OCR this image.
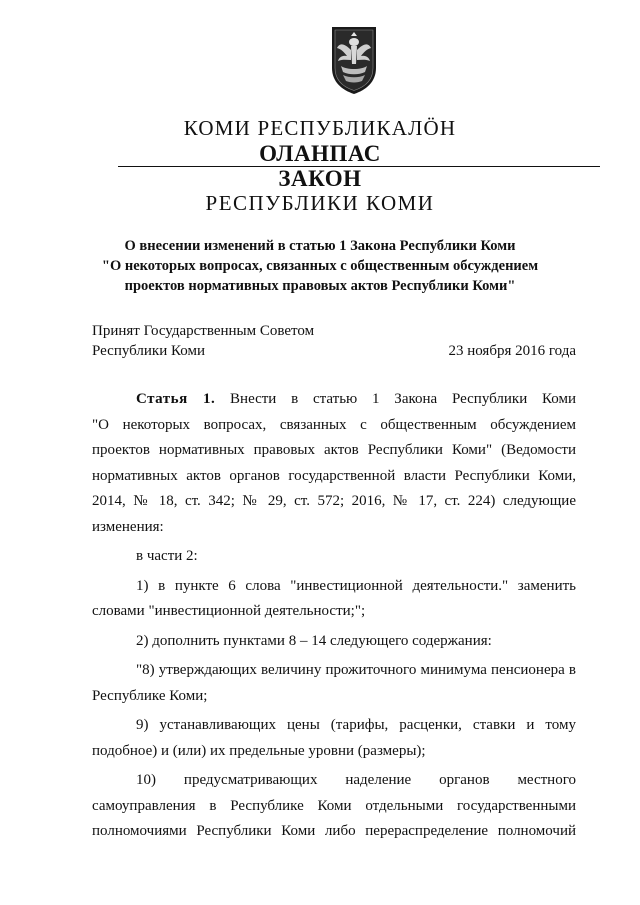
КОМИ РЕСПУБЛИКАЛÖН
ОЛАНПАС
ЗАКОН
РЕСПУБЛИКИ КОМИ
О внесении изменений в статью 1 Закона Республики Коми
"О некоторых вопросах, связанных с общественным обсуждением
проектов нормативных правовых актов Республики Коми"
Принят Государственным Советом
Республики Коми	23 ноября 2016 года
Статья 1. Внести в статью 1 Закона Республики Коми
"О некоторых вопросах, связанных с общественным обсуждением
проектов нормативных правовых актов Республики Коми" (Ведомости
нормативных актов органов государственной власти Республики Коми,
2014, № 18, ст. 342; № 29, ст. 572; 2016, № 17, ст. 224) следующие
изменения:
в части 2:
1) в пункте 6 слова "инвестиционной деятельности." заменить
словами "инвестиционной деятельности;";
2) дополнить пунктами 8 – 14 следующего содержания:
"8) утверждающих величину прожиточного минимума пенсионера в
Республике Коми;
9) устанавливающих цены (тарифы, расценки, ставки и тому
подобное) и (или) их предельные уровни (размеры);
10) предусматривающих наделение органов местного
самоуправления в Республике Коми отдельными государственными
полномочиями Республики Коми либо перераспределение полномочий
